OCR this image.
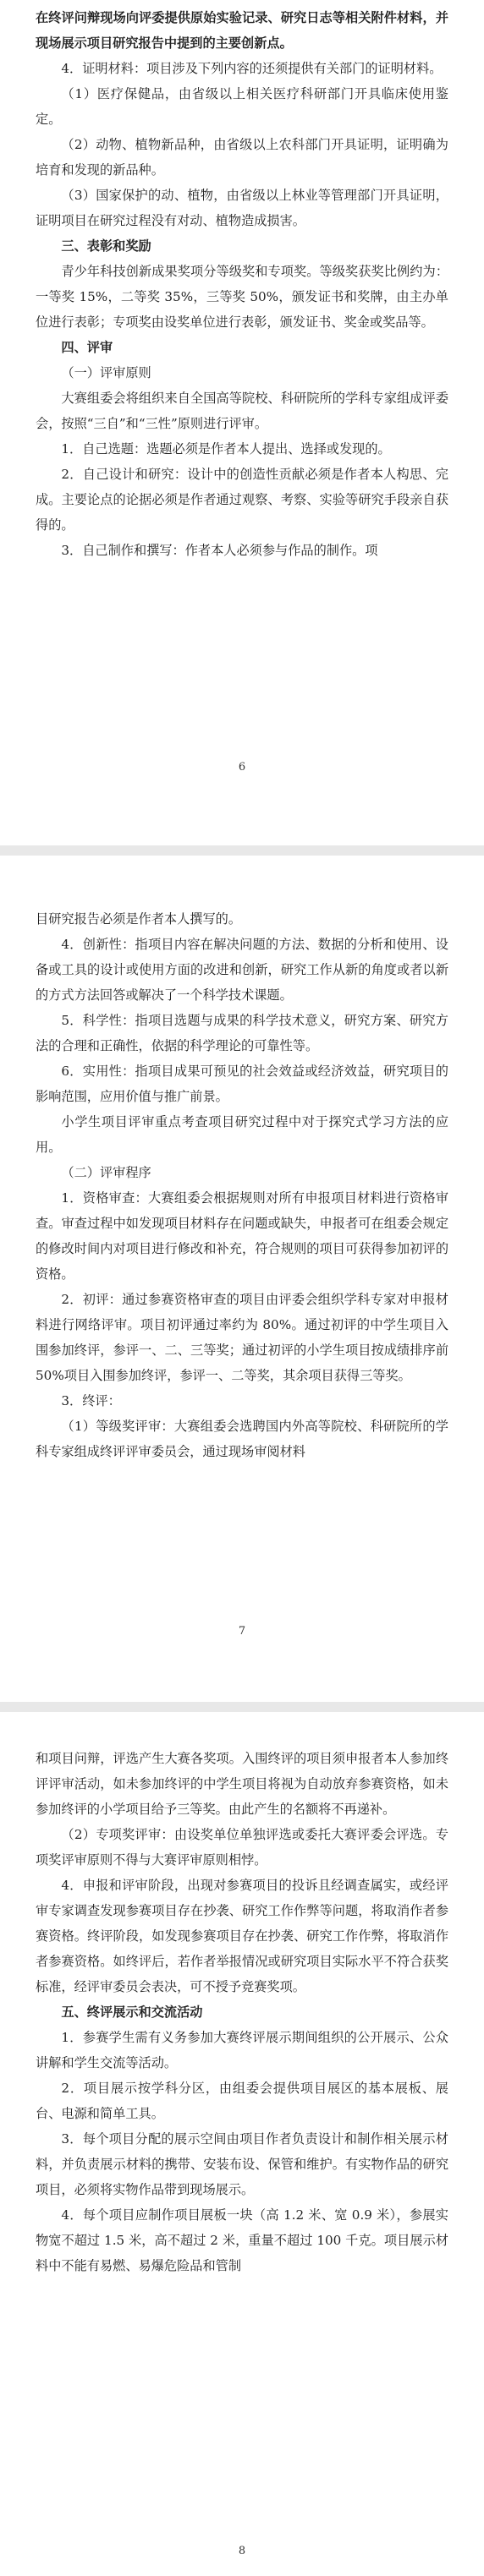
在终评问辩现场向评委提供原始实验记录、研究日志等相关附件材料，并现场展示项目研究报告中提到的主要创新点。

4．证明材料：项目涉及下列内容的还须提供有关部门的证明材料。

（1）医疗保健品，由省级以上相关医疗科研部门开具临床使用鉴定。

（2）动物、植物新品种，由省级以上农科部门开具证明，证明确为培育和发现的新品种。

（3）国家保护的动、植物，由省级以上林业等管理部门开具证明，证明项目在研究过程没有对动、植物造成损害。

三、表彰和奖励

青少年科技创新成果奖项分等级奖和专项奖。等级奖获奖比例约为：一等奖 15%，二等奖 35%，三等奖 50%，颁发证书和奖牌，由主办单位进行表彰；专项奖由设奖单位进行表彰，颁发证书、奖金或奖品等。

四、评审

（一）评审原则

大赛组委会将组织来自全国高等院校、科研院所的学科专家组成评委会，按照“三自”和“三性”原则进行评审。

1．自己选题：选题必须是作者本人提出、选择或发现的。

2．自己设计和研究：设计中的创造性贡献必须是作者本人构思、完成。主要论点的论据必须是作者通过观察、考察、实验等研究手段亲自获得的。

3．自己制作和撰写：作者本人必须参与作品的制作。项

6

目研究报告必须是作者本人撰写的。

4．创新性：指项目内容在解决问题的方法、数据的分析和使用、设备或工具的设计或使用方面的改进和创新，研究工作从新的角度或者以新的方式方法回答或解决了一个科学技术课题。

5．科学性：指项目选题与成果的科学技术意义，研究方案、研究方法的合理和正确性，依据的科学理论的可靠性等。

6．实用性：指项目成果可预见的社会效益或经济效益，研究项目的影响范围，应用价值与推广前景。

小学生项目评审重点考查项目研究过程中对于探究式学习方法的应用。

（二）评审程序

1．资格审查：大赛组委会根据规则对所有申报项目材料进行资格审查。审查过程中如发现项目材料存在问题或缺失，申报者可在组委会规定的修改时间内对项目进行修改和补充，符合规则的项目可获得参加初评的资格。

2．初评：通过参赛资格审查的项目由评委会组织学科专家对申报材料进行网络评审。项目初评通过率约为 80%。通过初评的中学生项目入围参加终评，参评一、二、三等奖；通过初评的小学生项目按成绩排序前 50%项目入围参加终评，参评一、二等奖，其余项目获得三等奖。

3．终评：

（1）等级奖评审：大赛组委会选聘国内外高等院校、科研院所的学科专家组成终评评审委员会，通过现场审阅材料

7

和项目问辩，评选产生大赛各奖项。入围终评的项目须申报者本人参加终评评审活动，如未参加终评的中学生项目将视为自动放弃参赛资格，如未参加终评的小学项目给予三等奖。由此产生的名额将不再递补。

（2）专项奖评审：由设奖单位单独评选或委托大赛评委会评选。专项奖评审原则不得与大赛评审原则相悖。

4．申报和评审阶段，出现对参赛项目的投诉且经调查属实，或经评审专家调查发现参赛项目存在抄袭、研究工作作弊等问题，将取消作者参赛资格。终评阶段，如发现参赛项目存在抄袭、研究工作作弊，将取消作者参赛资格。如终评后，若作者举报情况或研究项目实际水平不符合获奖标准，经评审委员会表决，可不授予竞赛奖项。

五、终评展示和交流活动

1．参赛学生需有义务参加大赛终评展示期间组织的公开展示、公众讲解和学生交流等活动。

2．项目展示按学科分区，由组委会提供项目展区的基本展板、展台、电源和简单工具。

3．每个项目分配的展示空间由项目作者负责设计和制作相关展示材料，并负责展示材料的携带、安装布设、保管和维护。有实物作品的研究项目，必须将实物作品带到现场展示。

4．每个项目应制作项目展板一块（高 1.2 米、宽 0.9 米），参展实物宽不超过 1.5 米，高不超过 2 米，重量不超过 100 千克。项目展示材料中不能有易燃、易爆危险品和管制

8
